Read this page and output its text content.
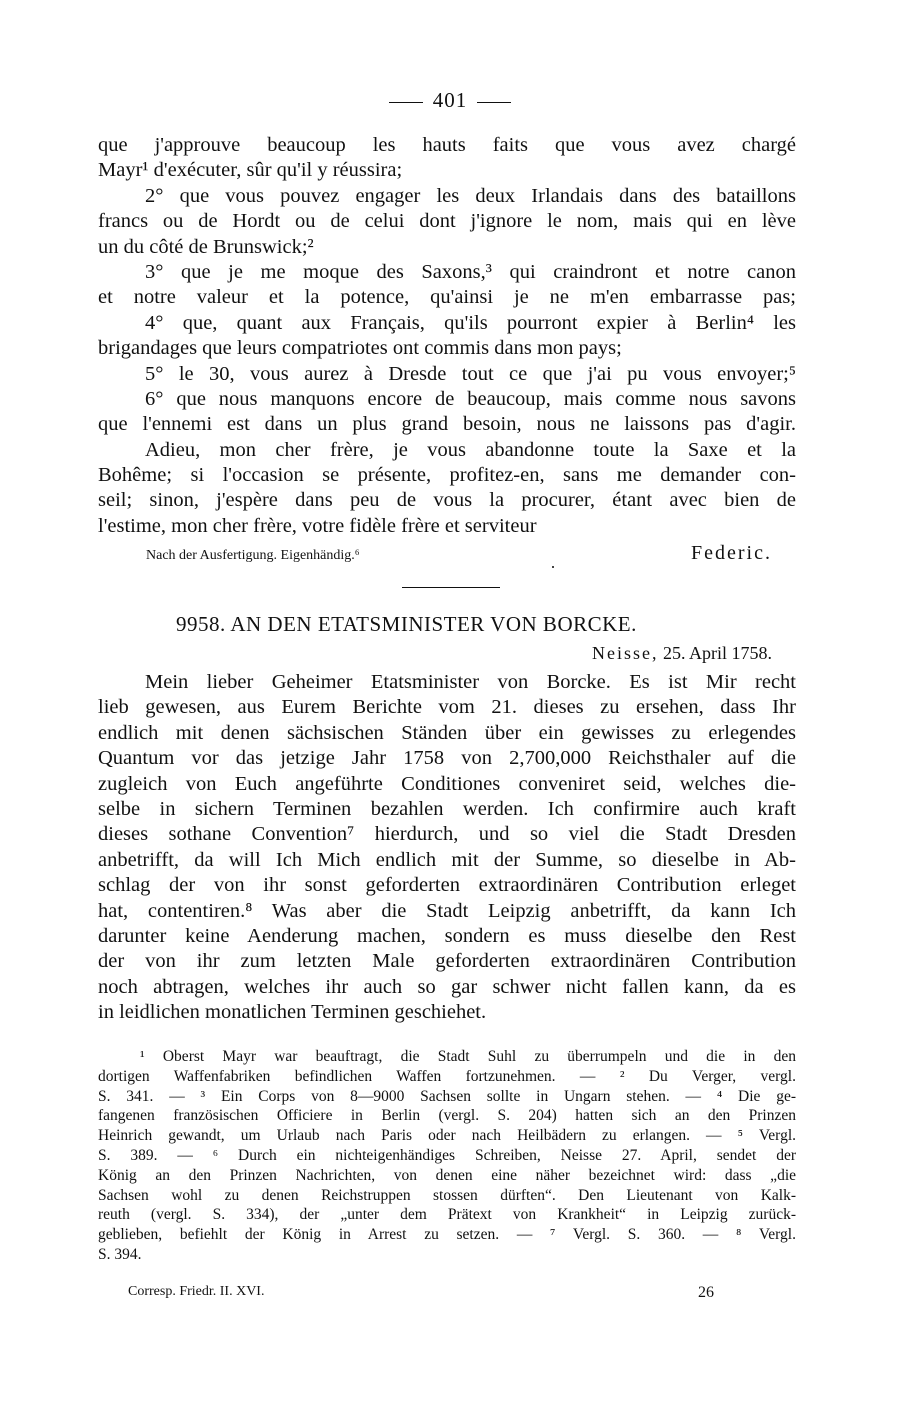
401
que j'approuve beaucoup les hauts faits que vous avez chargé
Mayr¹ d'exécuter, sûr qu'il y réussira;
2° que vous pouvez engager les deux Irlandais dans des bataillons
francs ou de Hordt ou de celui dont j'ignore le nom, mais qui en lève
un du côté de Brunswick;²
3° que je me moque des Saxons,³ qui craindront et notre canon
et notre valeur et la potence, qu'ainsi je ne m'en embarrasse pas;
4° que, quant aux Français, qu'ils pourront expier à Berlin⁴ les
brigandages que leurs compatriotes ont commis dans mon pays;
5° le 30, vous aurez à Dresde tout ce que j'ai pu vous envoyer;⁵
6° que nous manquons encore de beaucoup, mais comme nous savons
que l'ennemi est dans un plus grand besoin, nous ne laissons pas d'agir.
Adieu, mon cher frère, je vous abandonne toute la Saxe et la
Bohême; si l'occasion se présente, profitez-en, sans me demander con-
seil; sinon, j'espère dans peu de vous la procurer, étant avec bien de
l'estime, mon cher frère, votre fidèle frère et serviteur
Nach der Ausfertigung. Eigenhändig.⁶	Federic.
9958. AN DEN ETATSMINISTER VON BORCKE.
Neisse, 25. April 1758.
Mein lieber Geheimer Etatsminister von Borcke. Es ist Mir recht
lieb gewesen, aus Eurem Berichte vom 21. dieses zu ersehen, dass Ihr
endlich mit denen sächsischen Ständen über ein gewisses zu erlegendes
Quantum vor das jetzige Jahr 1758 von 2,700,000 Reichsthaler auf die
zugleich von Euch angeführte Conditiones conveniret seid, welches die-
selbe in sichern Terminen bezahlen werden. Ich confirmire auch kraft
dieses sothane Convention⁷ hierdurch, und so viel die Stadt Dresden
anbetrifft, da will Ich Mich endlich mit der Summe, so dieselbe in Ab-
schlag der von ihr sonst geforderten extraordinären Contribution erleget
hat, contentiren.⁸ Was aber die Stadt Leipzig anbetrifft, da kann Ich
darunter keine Aenderung machen, sondern es muss dieselbe den Rest
der von ihr zum letzten Male geforderten extraordinären Contribution
noch abtragen, welches ihr auch so gar schwer nicht fallen kann, da es
in leidlichen monatlichen Terminen geschiehet.
¹ Oberst Mayr war beauftragt, die Stadt Suhl zu überrumpeln und die in den
dortigen Waffenfabriken befindlichen Waffen fortzunehmen. — ² Du Verger, vergl.
S. 341. — ³ Ein Corps von 8—9000 Sachsen sollte in Ungarn stehen. — ⁴ Die ge-
fangenen französischen Officiere in Berlin (vergl. S. 204) hatten sich an den Prinzen
Heinrich gewandt, um Urlaub nach Paris oder nach Heilbädern zu erlangen. — ⁵ Vergl.
S. 389. — ⁶ Durch ein nichteigenhändiges Schreiben, Neisse 27. April, sendet der
König an den Prinzen Nachrichten, von denen eine näher bezeichnet wird: dass „die
Sachsen wohl zu denen Reichstruppen stossen dürften“. Den Lieutenant von Kalk-
reuth (vergl. S. 334), der „unter dem Prätext von Krankheit“ in Leipzig zurück-
geblieben, befiehlt der König in Arrest zu setzen. — ⁷ Vergl. S. 360. — ⁸ Vergl.
S. 394.
Corresp. Friedr. II. XVI.	26
